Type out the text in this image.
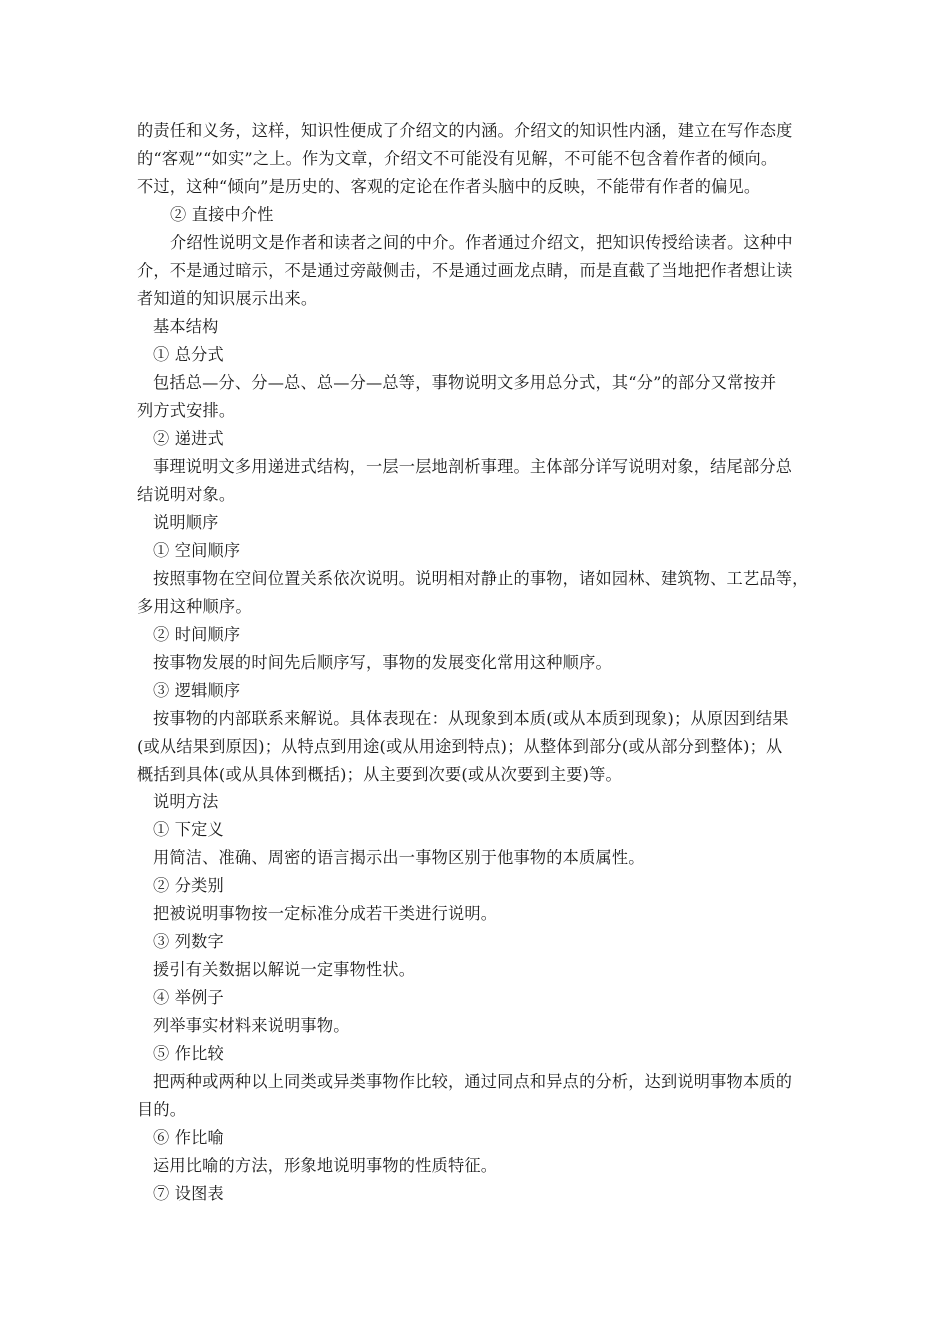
的责任和义务，这样，知识性便成了介绍文的内涵。介绍文的知识性内涵，建立在写作态度
的“客观”“如实”之上。作为文章，介绍文不可能没有见解，不可能不包含着作者的倾向。
不过，这种“倾向”是历史的、客观的定论在作者头脑中的反映，不能带有作者的偏见。
② 直接中介性
介绍性说明文是作者和读者之间的中介。作者通过介绍文，把知识传授给读者。这种中
介，不是通过暗示，不是通过旁敲侧击，不是通过画龙点睛，而是直截了当地把作者想让读
者知道的知识展示出来。
基本结构
① 总分式
包括总—分、分—总、总—分—总等，事物说明文多用总分式，其“分”的部分又常按并
列方式安排。
② 递进式
事理说明文多用递进式结构，一层一层地剖析事理。主体部分详写说明对象，结尾部分总
结说明对象。
说明顺序
① 空间顺序
按照事物在空间位置关系依次说明。说明相对静止的事物，诸如园林、建筑物、工艺品等，
多用这种顺序。
② 时间顺序
按事物发展的时间先后顺序写，事物的发展变化常用这种顺序。
③ 逻辑顺序
按事物的内部联系来解说。具体表现在：从现象到本质(或从本质到现象)；从原因到结果
(或从结果到原因)；从特点到用途(或从用途到特点)；从整体到部分(或从部分到整体)；从
概括到具体(或从具体到概括)；从主要到次要(或从次要到主要)等。
说明方法
① 下定义
用简洁、准确、周密的语言揭示出一事物区别于他事物的本质属性。
② 分类别
把被说明事物按一定标准分成若干类进行说明。
③ 列数字
援引有关数据以解说一定事物性状。
④ 举例子
列举事实材料来说明事物。
⑤ 作比较
把两种或两种以上同类或异类事物作比较，通过同点和异点的分析，达到说明事物本质的
目的。
⑥ 作比喻
运用比喻的方法，形象地说明事物的性质特征。
⑦ 设图表
